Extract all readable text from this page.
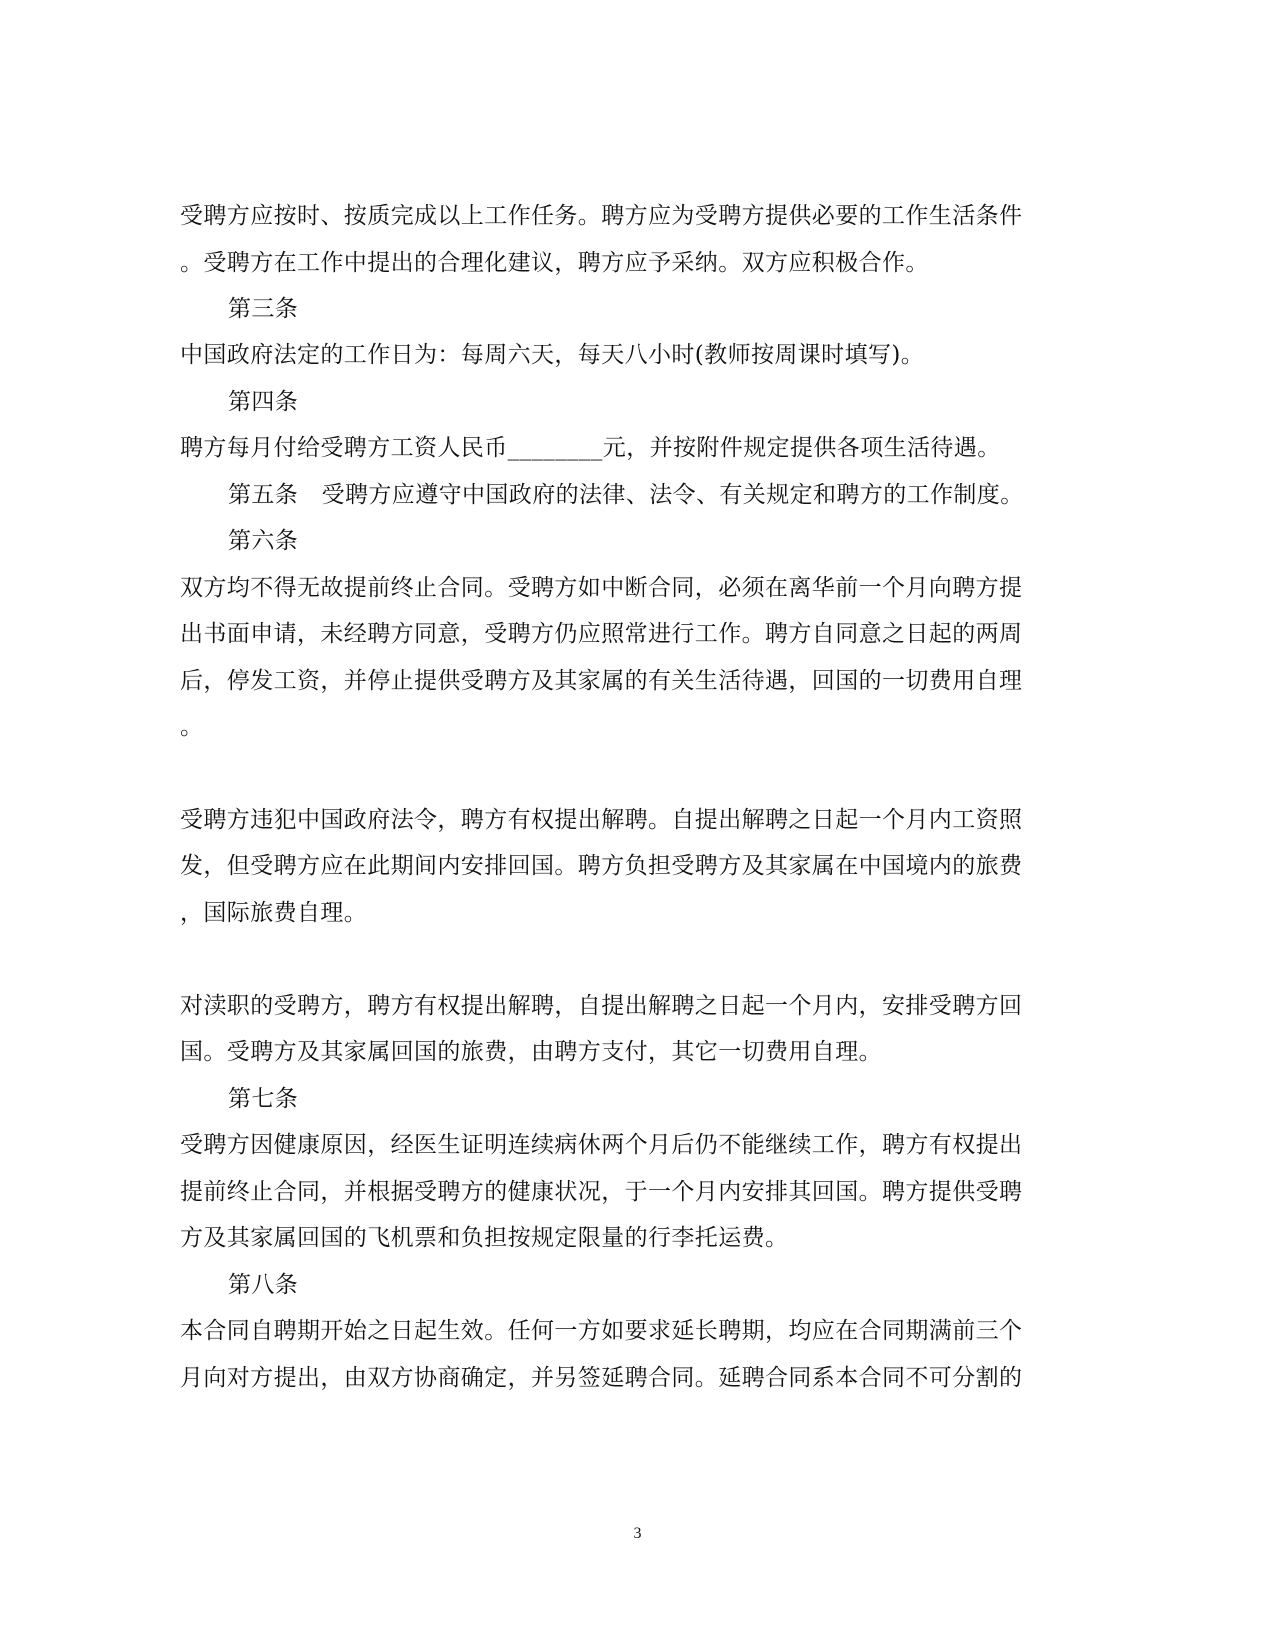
受聘方应按时、按质完成以上工作任务。聘方应为受聘方提供必要的工作生活条件
。受聘方在工作中提出的合理化建议，聘方应予采纳。双方应积极合作。
第三条
中国政府法定的工作日为：每周六天，每天八小时(教师按周课时填写)。
第四条
聘方每月付给受聘方工资人民币________元，并按附件规定提供各项生活待遇。
第五条　受聘方应遵守中国政府的法律、法令、有关规定和聘方的工作制度。
第六条
双方均不得无故提前终止合同。受聘方如中断合同，必须在离华前一个月向聘方提
出书面申请，未经聘方同意，受聘方仍应照常进行工作。聘方自同意之日起的两周
后，停发工资，并停止提供受聘方及其家属的有关生活待遇，回国的一切费用自理
。
受聘方违犯中国政府法令，聘方有权提出解聘。自提出解聘之日起一个月内工资照
发，但受聘方应在此期间内安排回国。聘方负担受聘方及其家属在中国境内的旅费
，国际旅费自理。
对渎职的受聘方，聘方有权提出解聘，自提出解聘之日起一个月内，安排受聘方回
国。受聘方及其家属回国的旅费，由聘方支付，其它一切费用自理。
第七条
受聘方因健康原因，经医生证明连续病休两个月后仍不能继续工作，聘方有权提出
提前终止合同，并根据受聘方的健康状况，于一个月内安排其回国。聘方提供受聘
方及其家属回国的飞机票和负担按规定限量的行李托运费。
第八条
本合同自聘期开始之日起生效。任何一方如要求延长聘期，均应在合同期满前三个
月向对方提出，由双方协商确定，并另签延聘合同。延聘合同系本合同不可分割的
3
